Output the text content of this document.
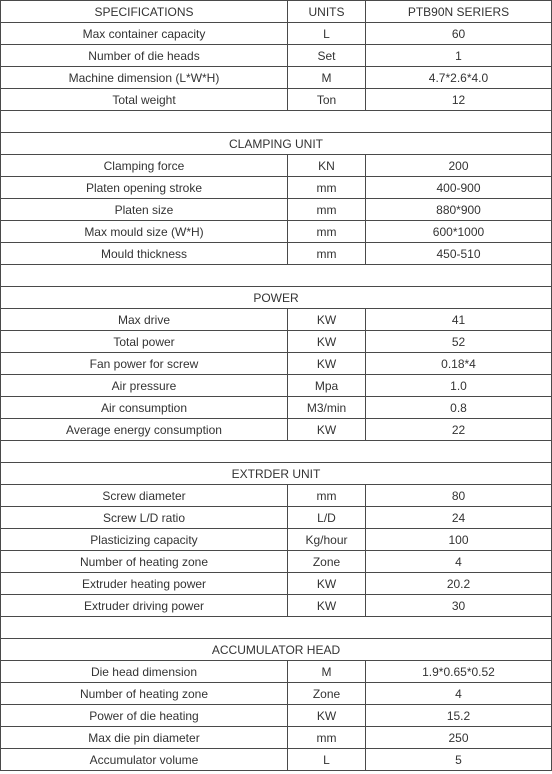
SPECIFICATIONS	UNITS	PTB90N SERIERS
Max container capacity	L	60
Number of die heads	Set	1
Machine dimension (L*W*H)	M	4.7*2.6*4.0
Total weight	Ton	12

CLAMPING UNIT		
Clamping force	KN	200
Platen opening stroke	mm	400-900
Platen size	mm	880*900
Max mould size (W*H)	mm	600*1000
Mould thickness	mm	450-510

POWER		
Max drive	KW	41
Total power	KW	52
Fan power for screw	KW	0.18*4
Air pressure	Mpa	1.0
Air consumption	M3/min	0.8
Average energy consumption	KW	22

EXTRDER UNIT		
Screw diameter	mm	80
Screw L/D ratio	L/D	24
Plasticizing capacity	Kg/hour	100
Number of heating zone	Zone	4
Extruder heating power	KW	20.2
Extruder driving power	KW	30

ACCUMULATOR HEAD		
Die head dimension	M	1.9*0.65*0.52
Number of heating zone	Zone	4
Power of die heating	KW	15.2
Max die pin diameter	mm	250
Accumulator volume	L	5
